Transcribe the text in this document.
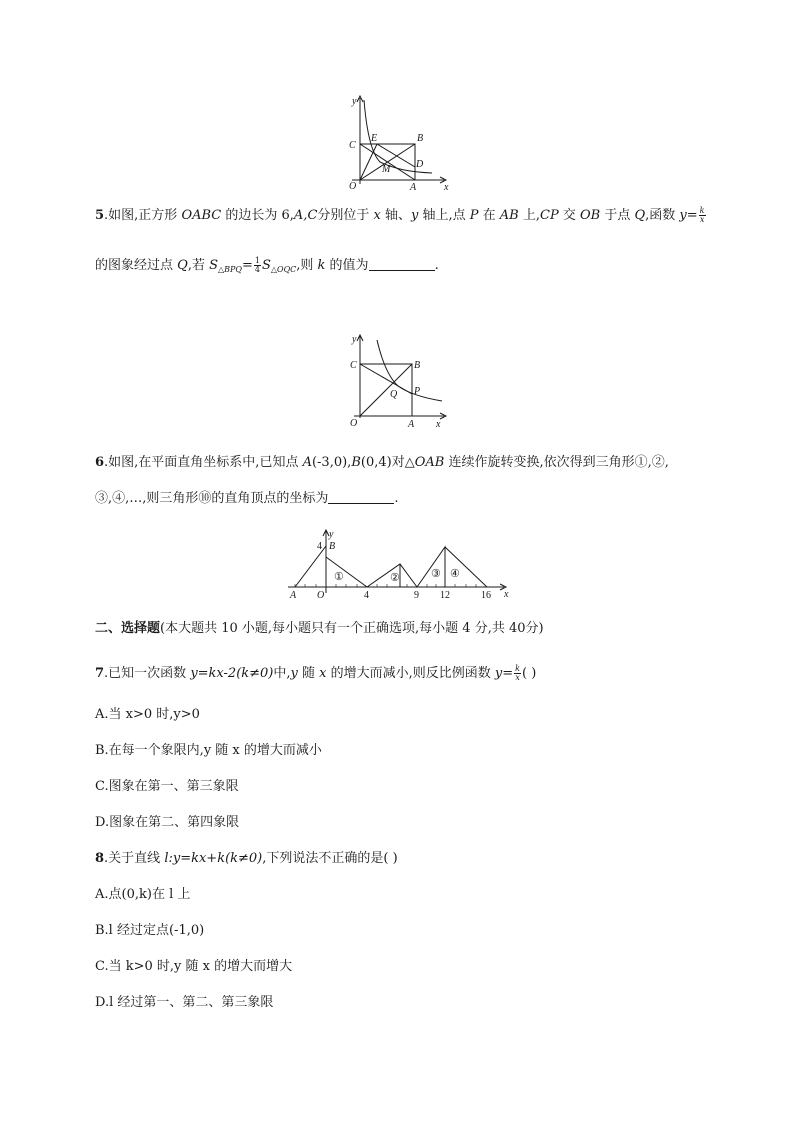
y
x
C
E	B
D
M
O	A
5.如图,正方形 OABC 的边长为 6,A,C分别位于 x 轴、y 轴上,点 P 在 AB 上,CP 交 OB 于点 Q,函数 $y= \frac{k}{x}$
的图象经过点 Q,若 $S_{\triangle BPQ}= \frac{1}{4} S_{\triangle OQC}$,则 k 的值为	.
y
x
C	B
Q P
O	A
6.如图,在平面直角坐标系中,已知点 A(-3,0),B(0,4)对△OAB 连续作旋转变换,依次得到三角形①,②,
③,④,…,则三角形⑩的直角顶点的坐标为	.
y
x
4 B
A O	4	9 12	16
①	②	③ ④
二、选择题(本大题共 10 小题,每小题只有一个正确选项,每小题 4 分,共 40分)
7.已知一次函数 y=kx-2(k≠0)中,y 随 x 的增大而减小,则反比例函数 $y= \frac{k}{x}$ ( )
A.当 x>0 时,y>0
B.在每一个象限内,y 随 x 的增大而减小
C.图象在第一、第三象限
D.图象在第二、第四象限
8.关于直线 l:y=kx+k(k≠0),下列说法不正确的是( )
A.点(0,k)在 l 上
B.l 经过定点(-1,0)
C.当 k>0 时,y 随 x 的增大而增大
D.l 经过第一、第二、第三象限
